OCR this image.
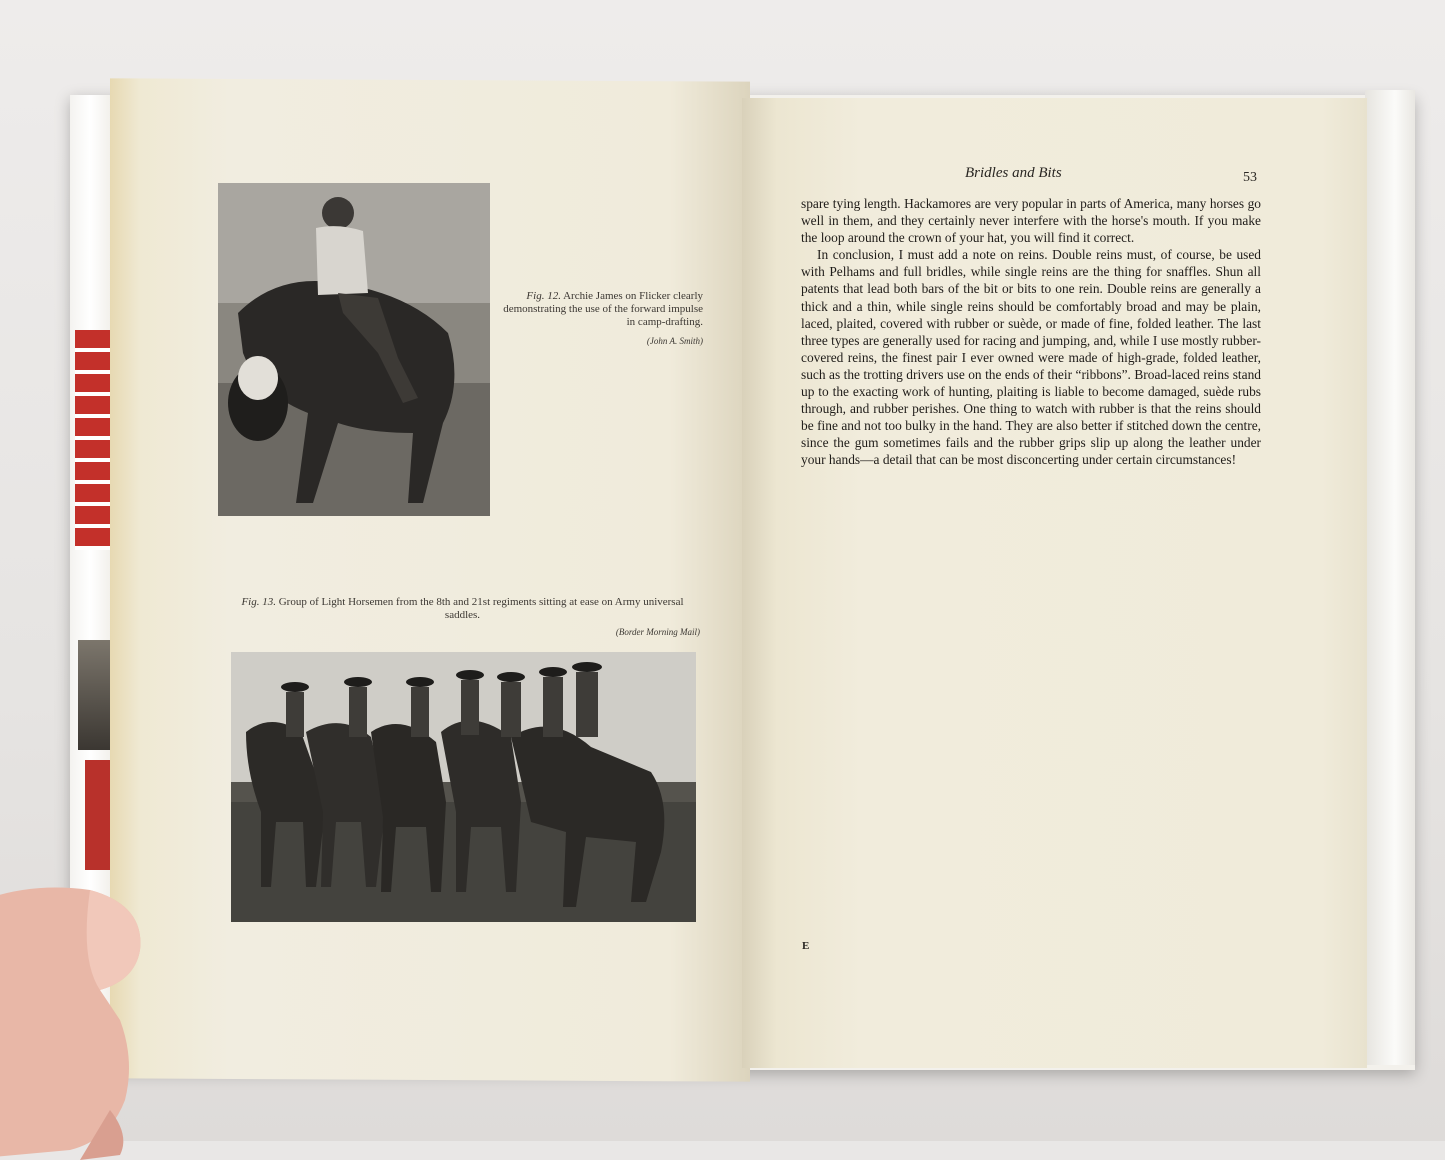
Fig. 12. Archie James on Flicker clearly demonstrating the use of the forward impulse in camp-drafting.
(John A. Smith)
Fig. 13. Group of Light Horsemen from the 8th and 21st regiments sitting at ease on Army universal saddles.
(Border Morning Mail)
Bridles and Bits	53

spare tying length. Hackamores are very popular in parts of America, many horses go well in them, and they certainly never interfere with the horse's mouth. If you make the loop around the crown of your hat, you will find it correct.

In conclusion, I must add a note on reins. Double reins must, of course, be used with Pelhams and full bridles, while single reins are the thing for snaffles. Shun all patents that lead both bars of the bit or bits to one rein. Double reins are generally a thick and a thin, while single reins should be comfortably broad and may be plain, laced, plaited, covered with rubber or suède, or made of fine, folded leather. The last three types are generally used for racing and jumping, and, while I use mostly rubber-covered reins, the finest pair I ever owned were made of high-grade, folded leather, such as the trotting drivers use on the ends of their “ribbons”. Broad-laced reins stand up to the exacting work of hunting, plaiting is liable to become damaged, suède rubs through, and rubber perishes. One thing to watch with rubber is that the reins should be fine and not too bulky in the hand. They are also better if stitched down the centre, since the gum sometimes fails and the rubber grips slip up along the leather under your hands—a detail that can be most disconcerting under certain circumstances!

E
